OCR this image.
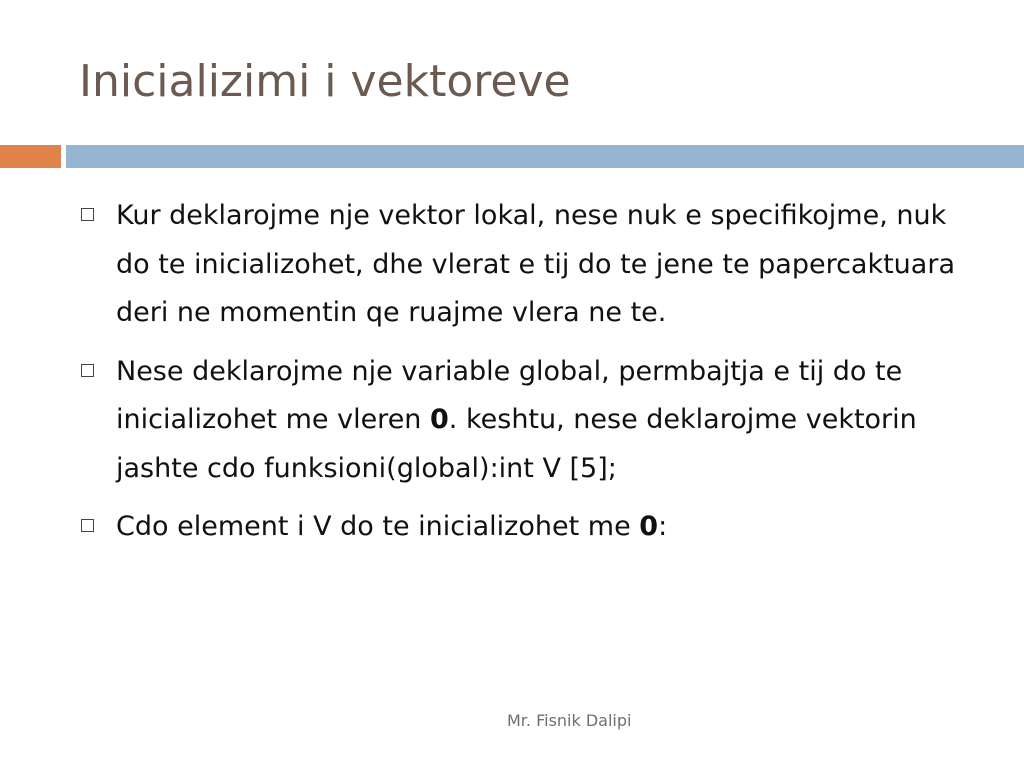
Inicializimi i vektoreve
Kur deklarojme nje vektor lokal, nese nuk e specifikojme, nuk do te inicializohet, dhe vlerat e tij do te jene te papercaktuara deri ne momentin qe ruajme vlera ne te.
Nese deklarojme nje variable global, permbajtja e tij do te inicializohet me vleren 0. keshtu, nese deklarojme vektorin jashte cdo funksioni(global):int V [5];
Cdo element i V do te inicializohet me 0:
Mr. Fisnik Dalipi
